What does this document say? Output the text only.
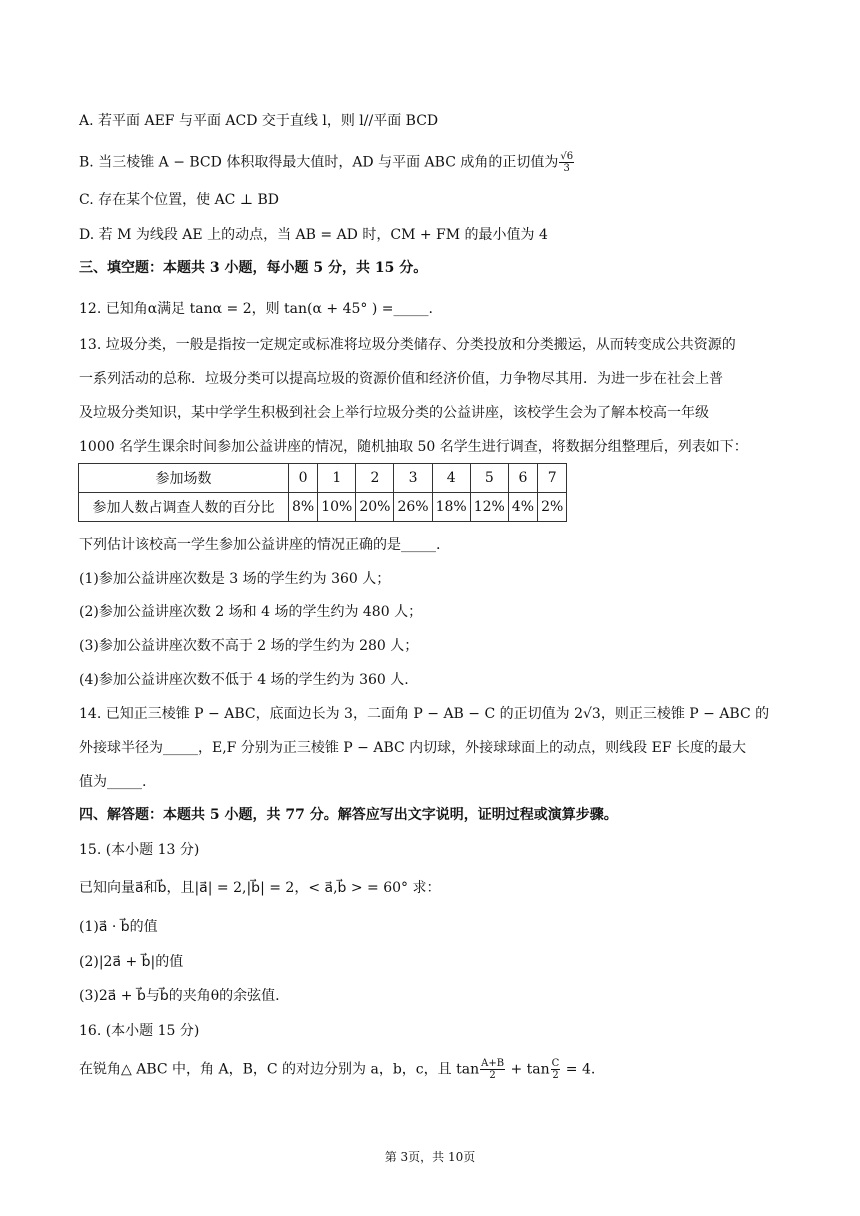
A. 若平面 AEF 与平面 ACD 交于直线 l，则 l//平面 BCD
B. 当三棱锥 A − BCD 体积取得最大值时，AD 与平面 ABC 成角的正切值为 $\frac{√6}{3}$
C. 存在某个位置，使 AC ⊥ BD
D. 若 M 为线段 AE 上的动点，当 AB = AD 时，CM + FM 的最小值为 4
三、填空题：本题共 3 小题，每小题 5 分，共 15 分。
12. 已知角α满足 tanα = 2，则 tan(α + 45° ) =_____.
13. 垃圾分类，一般是指按一定规定或标准将垃圾分类储存、分类投放和分类搬运，从而转变成公共资源的
一系列活动的总称．垃圾分类可以提高垃圾的资源价值和经济价值，力争物尽其用．为进一步在社会上普
及垃圾分类知识，某中学学生积极到社会上举行垃圾分类的公益讲座，该校学生会为了解本校高一年级
1000 名学生课余时间参加公益讲座的情况，随机抽取 50 名学生进行调查，将数据分组整理后，列表如下：
参加场数	0	1	2	3	4	5	6	7
参加人数占调查人数的百分比	8%	10%	20%	26%	18%	12%	4%	2%
下列估计该校高一学生参加公益讲座的情况正确的是_____.
(1)参加公益讲座次数是 3 场的学生约为 360 人；
(2)参加公益讲座次数 2 场和 4 场的学生约为 480 人；
(3)参加公益讲座次数不高于 2 场的学生约为 280 人；
(4)参加公益讲座次数不低于 4 场的学生约为 360 人.
14. 已知正三棱锥 P − ABC，底面边长为 3，二面角 P − AB − C 的正切值为 2√3，则正三棱锥 P − ABC 的
外接球半径为_____，E,F 分别为正三棱锥 P − ABC 内切球，外接球球面上的动点，则线段 EF 长度的最大
值为_____.
四、解答题：本题共 5 小题，共 77 分。解答应写出文字说明，证明过程或演算步骤。
15. (本小题 13 分)
已知向量a⃗和b⃗，且|a⃗| = 2,|b⃗| = 2，< a⃗,b⃗ > = 60° 求：
(1)a⃗ · b⃗的值
(2)|2a⃗ + b⃗|的值
(3)2a⃗ + b⃗与b⃗的夹角θ的余弦值.
16. (本小题 15 分)
在锐角△ ABC 中，角 A，B，C 的对边分别为 a，b，c，且 $\tan \frac{A+B}{2} + \tan \frac{C}{2} = 4$.
第 3页，共 10页
